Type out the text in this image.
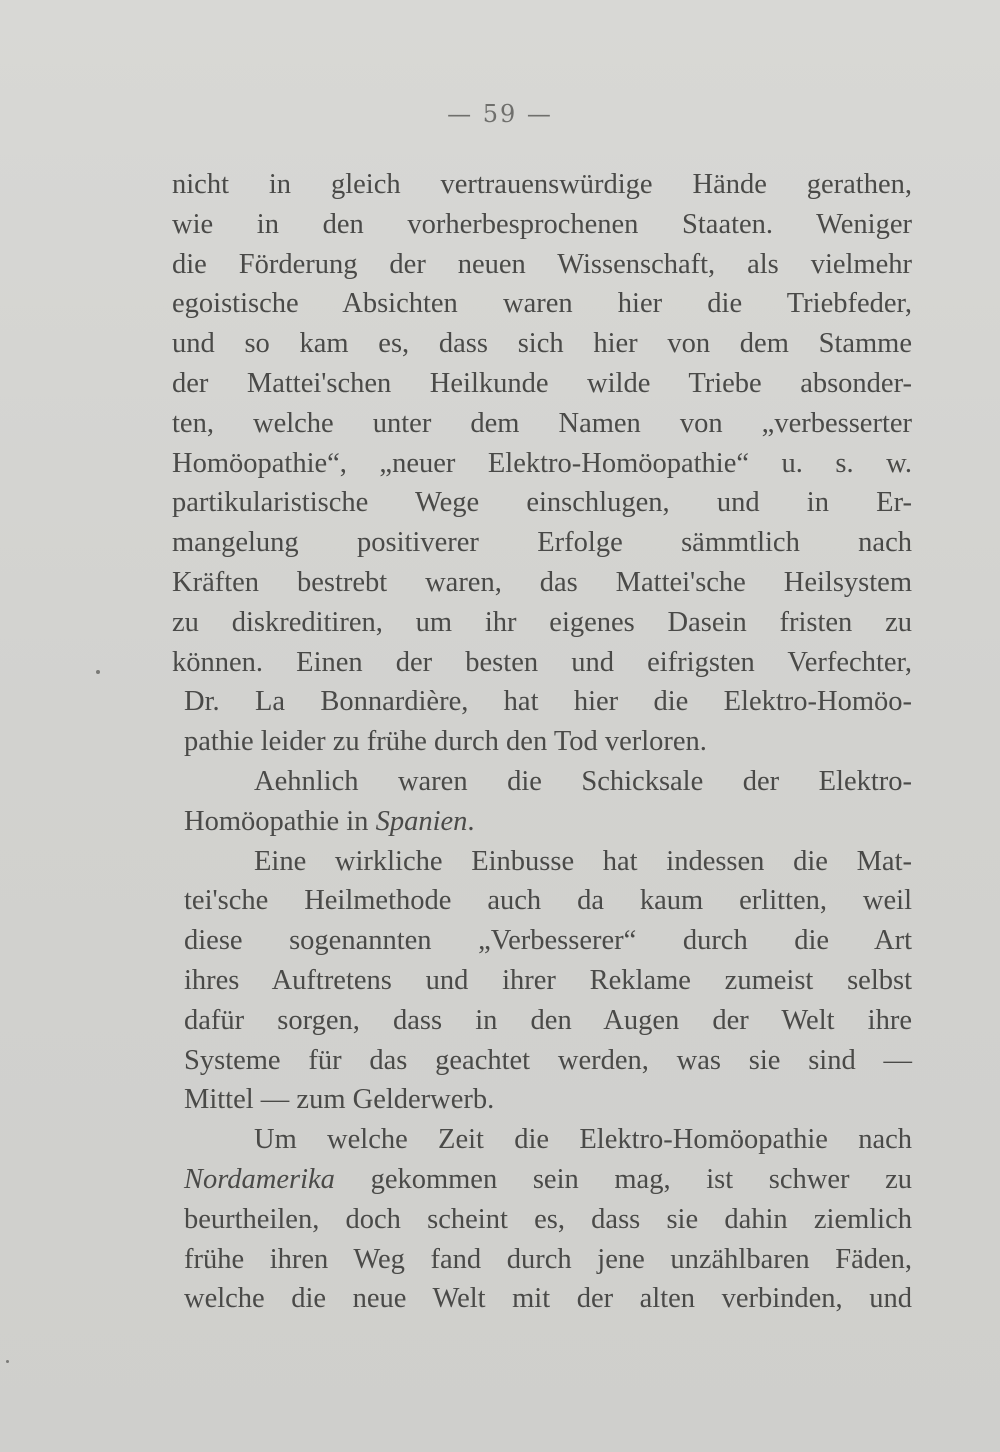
— 59 —
nicht in gleich vertrauenswürdige Hände gerathen,
wie in den vorherbesprochenen Staaten. Weniger
die Förderung der neuen Wissenschaft, als vielmehr
egoistische Absichten waren hier die Triebfeder,
und so kam es, dass sich hier von dem Stamme
der Mattei'schen Heilkunde wilde Triebe absonder-
ten, welche unter dem Namen von „verbesserter
Homöopathie“, „neuer Elektro-Homöopathie“ u. s. w.
partikularistische Wege einschlugen, und in Er-
mangelung positiverer Erfolge sämmtlich nach
Kräften bestrebt waren, das Mattei'sche Heilsystem
zu diskreditiren, um ihr eigenes Dasein fristen zu
können. Einen der besten und eifrigsten Verfechter,
Dr. La Bonnardière, hat hier die Elektro-Homöo-
pathie leider zu frühe durch den Tod verloren.
Aehnlich waren die Schicksale der Elektro-
Homöopathie in Spanien.
Eine wirkliche Einbusse hat indessen die Mat-
tei'sche Heilmethode auch da kaum erlitten, weil
diese sogenannten „Verbesserer“ durch die Art
ihres Auftretens und ihrer Reklame zumeist selbst
dafür sorgen, dass in den Augen der Welt ihre
Systeme für das geachtet werden, was sie sind —
Mittel — zum Gelderwerb.
Um welche Zeit die Elektro-Homöopathie nach
Nordamerika gekommen sein mag, ist schwer zu
beurtheilen, doch scheint es, dass sie dahin ziemlich
frühe ihren Weg fand durch jene unzählbaren Fäden,
welche die neue Welt mit der alten verbinden, und
